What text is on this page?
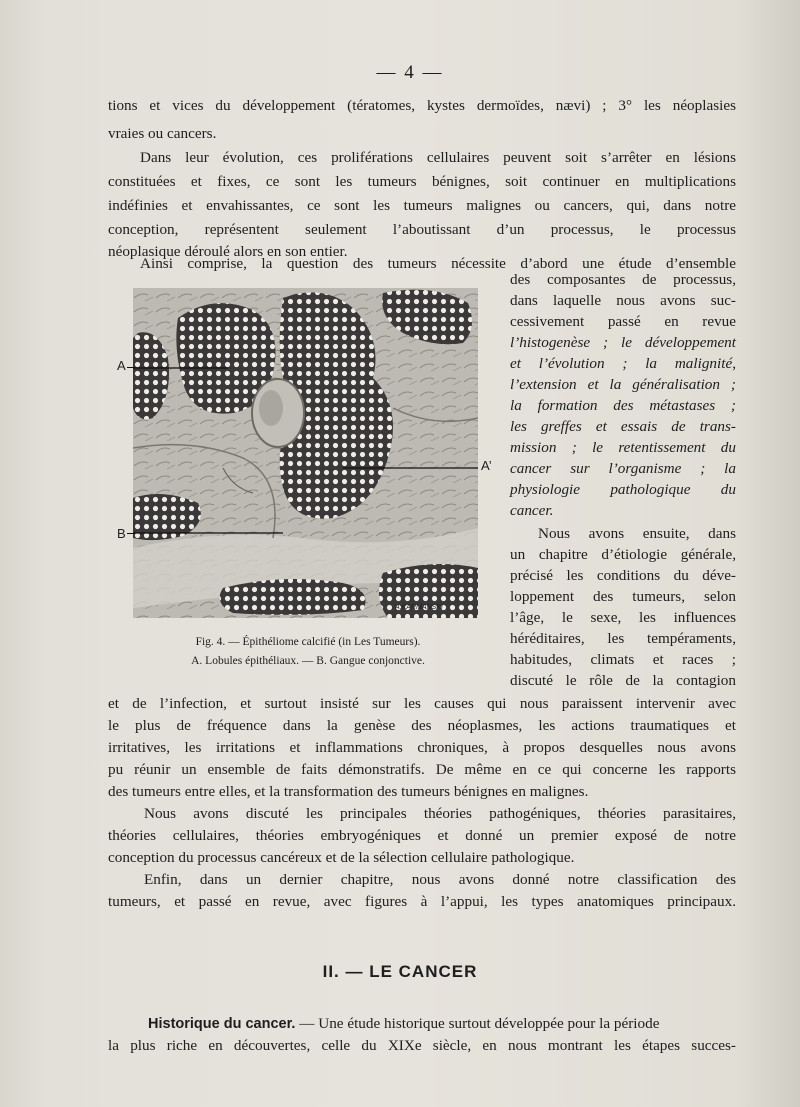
— 4 —
tions et vices du développement (tératomes, kystes dermoïdes, nævi) ; 3° les néoplasies
vraies ou cancers.
Dans leur évolution, ces proliférations cellulaires peuvent soit s’arrêter en lésions
constituées et fixes, ce sont les tumeurs bénignes, soit continuer en multiplications
indéfinies et envahissantes, ce sont les tumeurs malignes ou cancers, qui, dans notre
conception, représentent seulement l’aboutissant d’un processus, le processus
néoplasique déroulé alors en son entier.
Ainsi comprise, la question des tumeurs nécessite d’abord une étude d’ensemble
des composantes de processus,
dans laquelle nous avons suc-
cessivement passé en revue
l’histogenèse ; le développement
et l’évolution ; la malignité,
l’extension et la généralisation ;
la formation des métastases ;
les greffes et essais de trans-
mission ; le retentissement du
cancer sur l’organisme ; la
physiologie pathologique du
cancer.
Nous avons ensuite, dans
un chapitre d’étiologie générale,
précisé les conditions du déve-
loppement des tumeurs, selon
l’âge, le sexe, les influences
héréditaires, les tempéraments,
habitudes, climats et races ;
discuté le rôle de la contagion
A.KARMANSKI
A
A’
B
Fig. 4. — Épithéliome calcifié (in Les Tumeurs).
A. Lobules épithéliaux. — B. Gangue conjonctive.
et de l’infection, et surtout insisté sur les causes qui nous paraissent intervenir avec
le plus de fréquence dans la genèse des néoplasmes, les actions traumatiques et
irritatives, les irritations et inflammations chroniques, à propos desquelles nous avons
pu réunir un ensemble de faits démonstratifs. De même en ce qui concerne les rapports
des tumeurs entre elles, et la transformation des tumeurs bénignes en malignes.
Nous avons discuté les principales théories pathogéniques, théories parasitaires,
théories cellulaires, théories embryogéniques et donné un premier exposé de notre
conception du processus cancéreux et de la sélection cellulaire pathologique.
Enfin, dans un dernier chapitre, nous avons donné notre classification des
tumeurs, et passé en revue, avec figures à l’appui, les types anatomiques principaux.
II. — LE CANCER
Historique du cancer. — Une étude historique surtout développée pour la période
la plus riche en découvertes, celle du XIXe siècle, en nous montrant les étapes succes-
